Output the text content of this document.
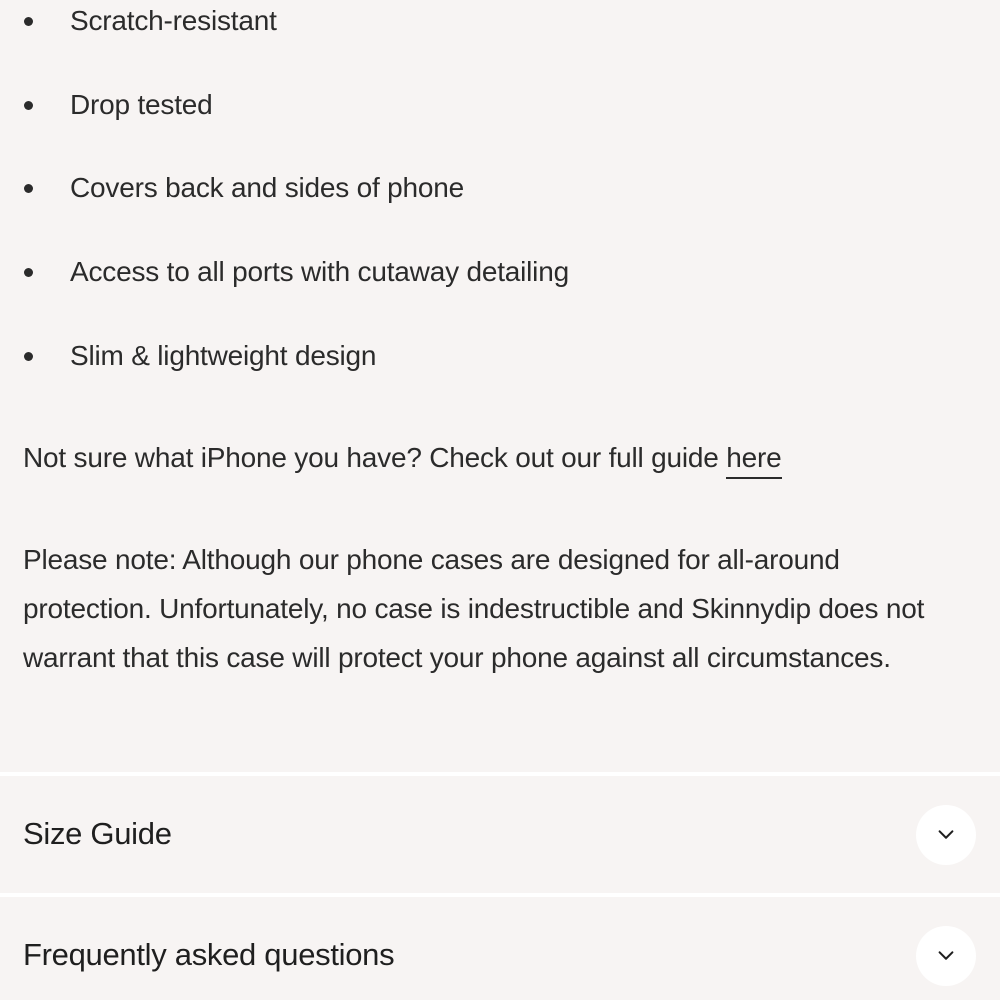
Scratch-resistant
Drop tested
Covers back and sides of phone
Access to all ports with cutaway detailing
Slim & lightweight design

Not sure what iPhone you have? Check out our full guide here

Please note: Although our phone cases are designed for all-around protection. Unfortunately, no case is indestructible and Skinnydip does not warrant that this case will protect your phone against all circumstances.

Size Guide
Frequently asked questions
